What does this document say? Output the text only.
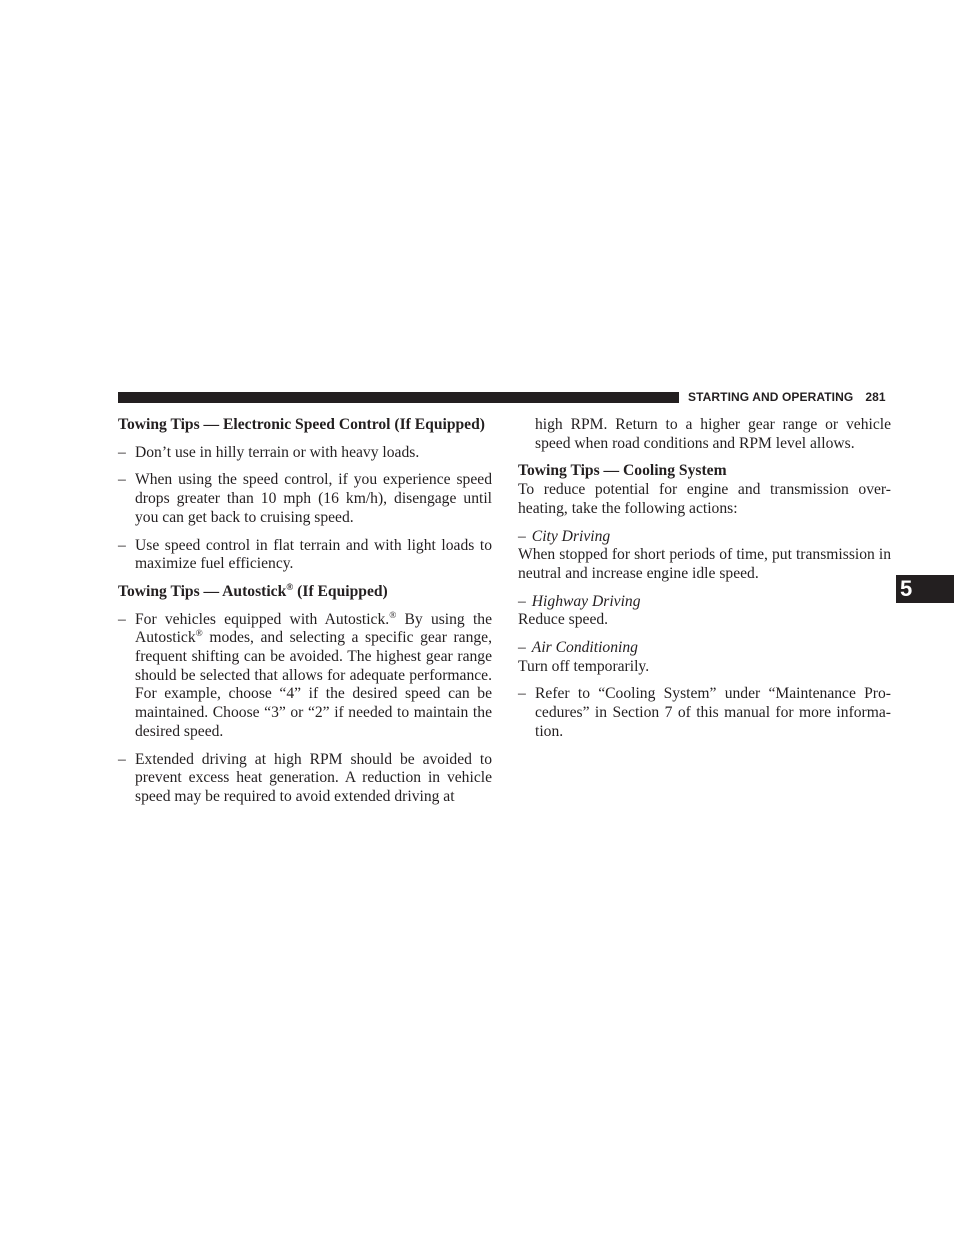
STARTING AND OPERATING 281
5

Towing Tips — Electronic Speed Control (If Equipped)

– Don’t use in hilly terrain or with heavy loads.

– When using the speed control, if you experience speed drops greater than 10 mph (16 km/h), disengage until you can get back to cruising speed.

– Use speed control in flat terrain and with light loads to maximize fuel efficiency.

Towing Tips — Autostick® (If Equipped)

– For vehicles equipped with Autostick.® By using the Autostick® modes, and selecting a specific gear range, frequent shifting can be avoided. The highest gear range should be selected that allows for adequate performance. For example, choose “4” if the desired speed can be maintained. Choose “3” or “2” if needed to maintain the desired speed.

– Extended driving at high RPM should be avoided to prevent excess heat generation. A reduction in vehicle speed may be required to avoid extended driving at

high RPM. Return to a higher gear range or vehicle speed when road conditions and RPM level allows.

Towing Tips — Cooling System

To reduce potential for engine and transmission over-heating, take the following actions:

– City Driving

When stopped for short periods of time, put transmission in neutral and increase engine idle speed.

– Highway Driving

Reduce speed.

– Air Conditioning

Turn off temporarily.

– Refer to “Cooling System” under “Maintenance Pro-cedures” in Section 7 of this manual for more informa-tion.
